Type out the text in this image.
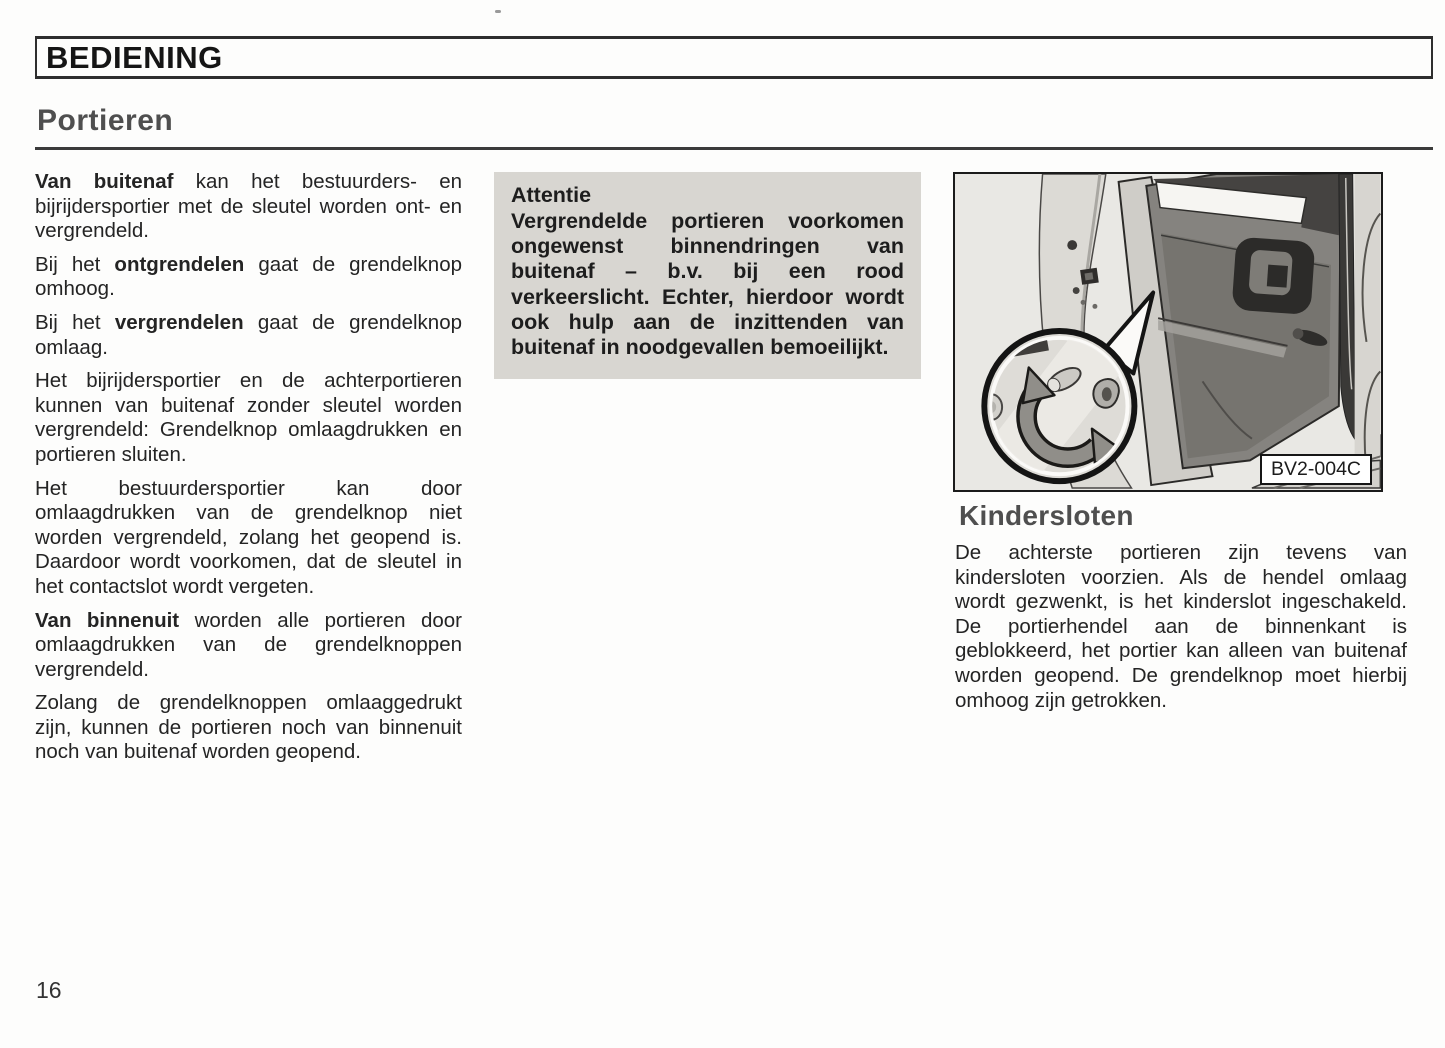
BEDIENING
Portieren

Van buitenaf kan het bestuurders- en bijrijdersportier met de sleutel worden ont- en vergrendeld.

Bij het ontgrendelen gaat de grendelknop omhoog.

Bij het vergrendelen gaat de grendelknop omlaag.

Het bijrijdersportier en de achterportieren kunnen van buitenaf zonder sleutel worden vergrendeld: Grendelknop omlaagdrukken en portieren sluiten.

Het bestuurdersportier kan door omlaagdrukken van de grendelknop niet worden vergrendeld, zolang het geopend is. Daardoor wordt voorkomen, dat de sleutel in het contactslot wordt vergeten.

Van binnenuit worden alle portieren door omlaagdrukken van de grendelknoppen vergrendeld.

Zolang de grendelknoppen omlaaggedrukt zijn, kunnen de portieren noch van binnenuit noch van buitenaf worden geopend.

Attentie

Vergrendelde portieren voorkomen ongewenst binnendringen van buitenaf – b.v. bij een rood verkeerslicht. Echter, hierdoor wordt ook hulp aan de inzittenden van buitenaf in noodgevallen bemoeilijkt.

BV2-004C
Kindersloten

De achterste portieren zijn tevens van kindersloten voorzien. Als de hendel omlaag wordt gezwenkt, is het kinderslot ingeschakeld. De portierhendel aan de binnenkant is geblokkeerd, het portier kan alleen van buitenaf worden geopend. De grendelknop moet hierbij omhoog zijn getrokken.

16
